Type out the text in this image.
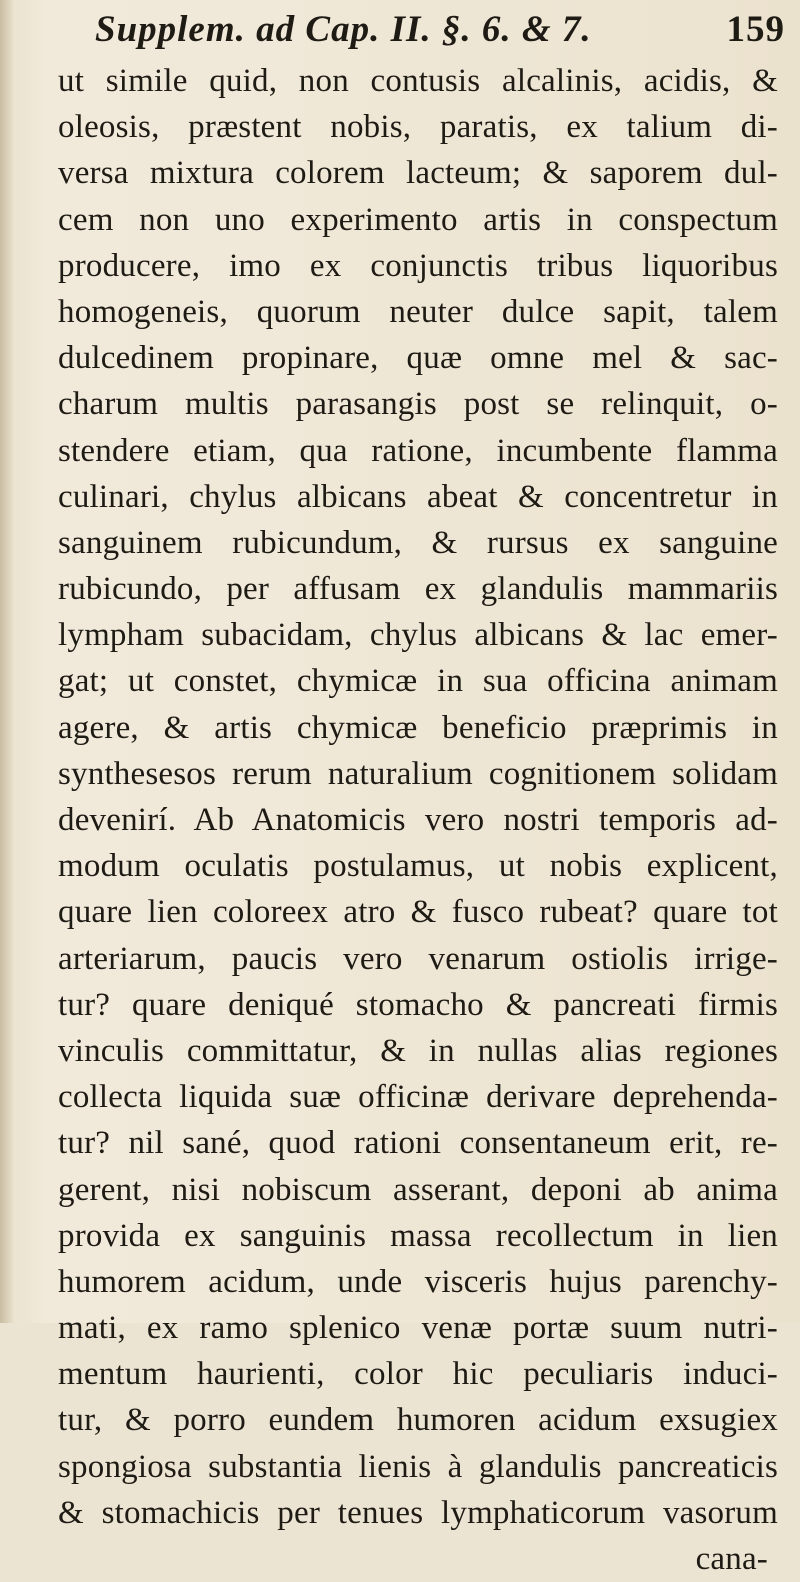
Supplem. ad Cap. II. §. 6. & 7.	159
ut simile quid, non contusis alcalinis, acidis, &
oleosis, præstent nobis, paratis, ex talium di-
versa mixtura colorem lacteum; & saporem dul-
cem non uno experimento artis in conspectum
producere, imo ex conjunctis tribus liquoribus
homogeneis, quorum neuter dulce sapit, talem
dulcedinem propinare, quæ omne mel & sac-
charum multis parasangis post se relinquit, o-
stendere etiam, qua ratione, incumbente flamma
culinari, chylus albicans abeat & concentretur in
sanguinem rubicundum, & rursus ex sanguine
rubicundo, per affusam ex glandulis mammariis
lympham subacidam, chylus albicans & lac emer-
gat; ut constet, chymicæ in sua officina animam
agere, & artis chymicæ beneficio præprimis in
synthesesos rerum naturalium cognitionem solidam
devenirí. Ab Anatomicis vero nostri temporis ad-
modum oculatis postulamus, ut nobis explicent,
quare lien coloreex atro & fusco rubeat? quare tot
arteriarum, paucis vero venarum ostiolis irrige-
tur? quare deniqué stomacho & pancreati firmis
vinculis committatur, & in nullas alias regiones
collecta liquida suæ officinæ derivare deprehenda-
tur? nil sané, quod rationi consentaneum erit, re-
gerent, nisi nobiscum asserant, deponi ab anima
provida ex sanguinis massa recollectum in lien
humorem acidum, unde visceris hujus parenchy-
mati, ex ramo splenico venæ portæ suum nutri-
mentum haurienti, color hic peculiaris induci-
tur, & porro eundem humoren acidum exsugiex
spongiosa substantia lienis à glandulis pancreaticis
& stomachicis per tenues lymphaticorum vasorum
cana-
